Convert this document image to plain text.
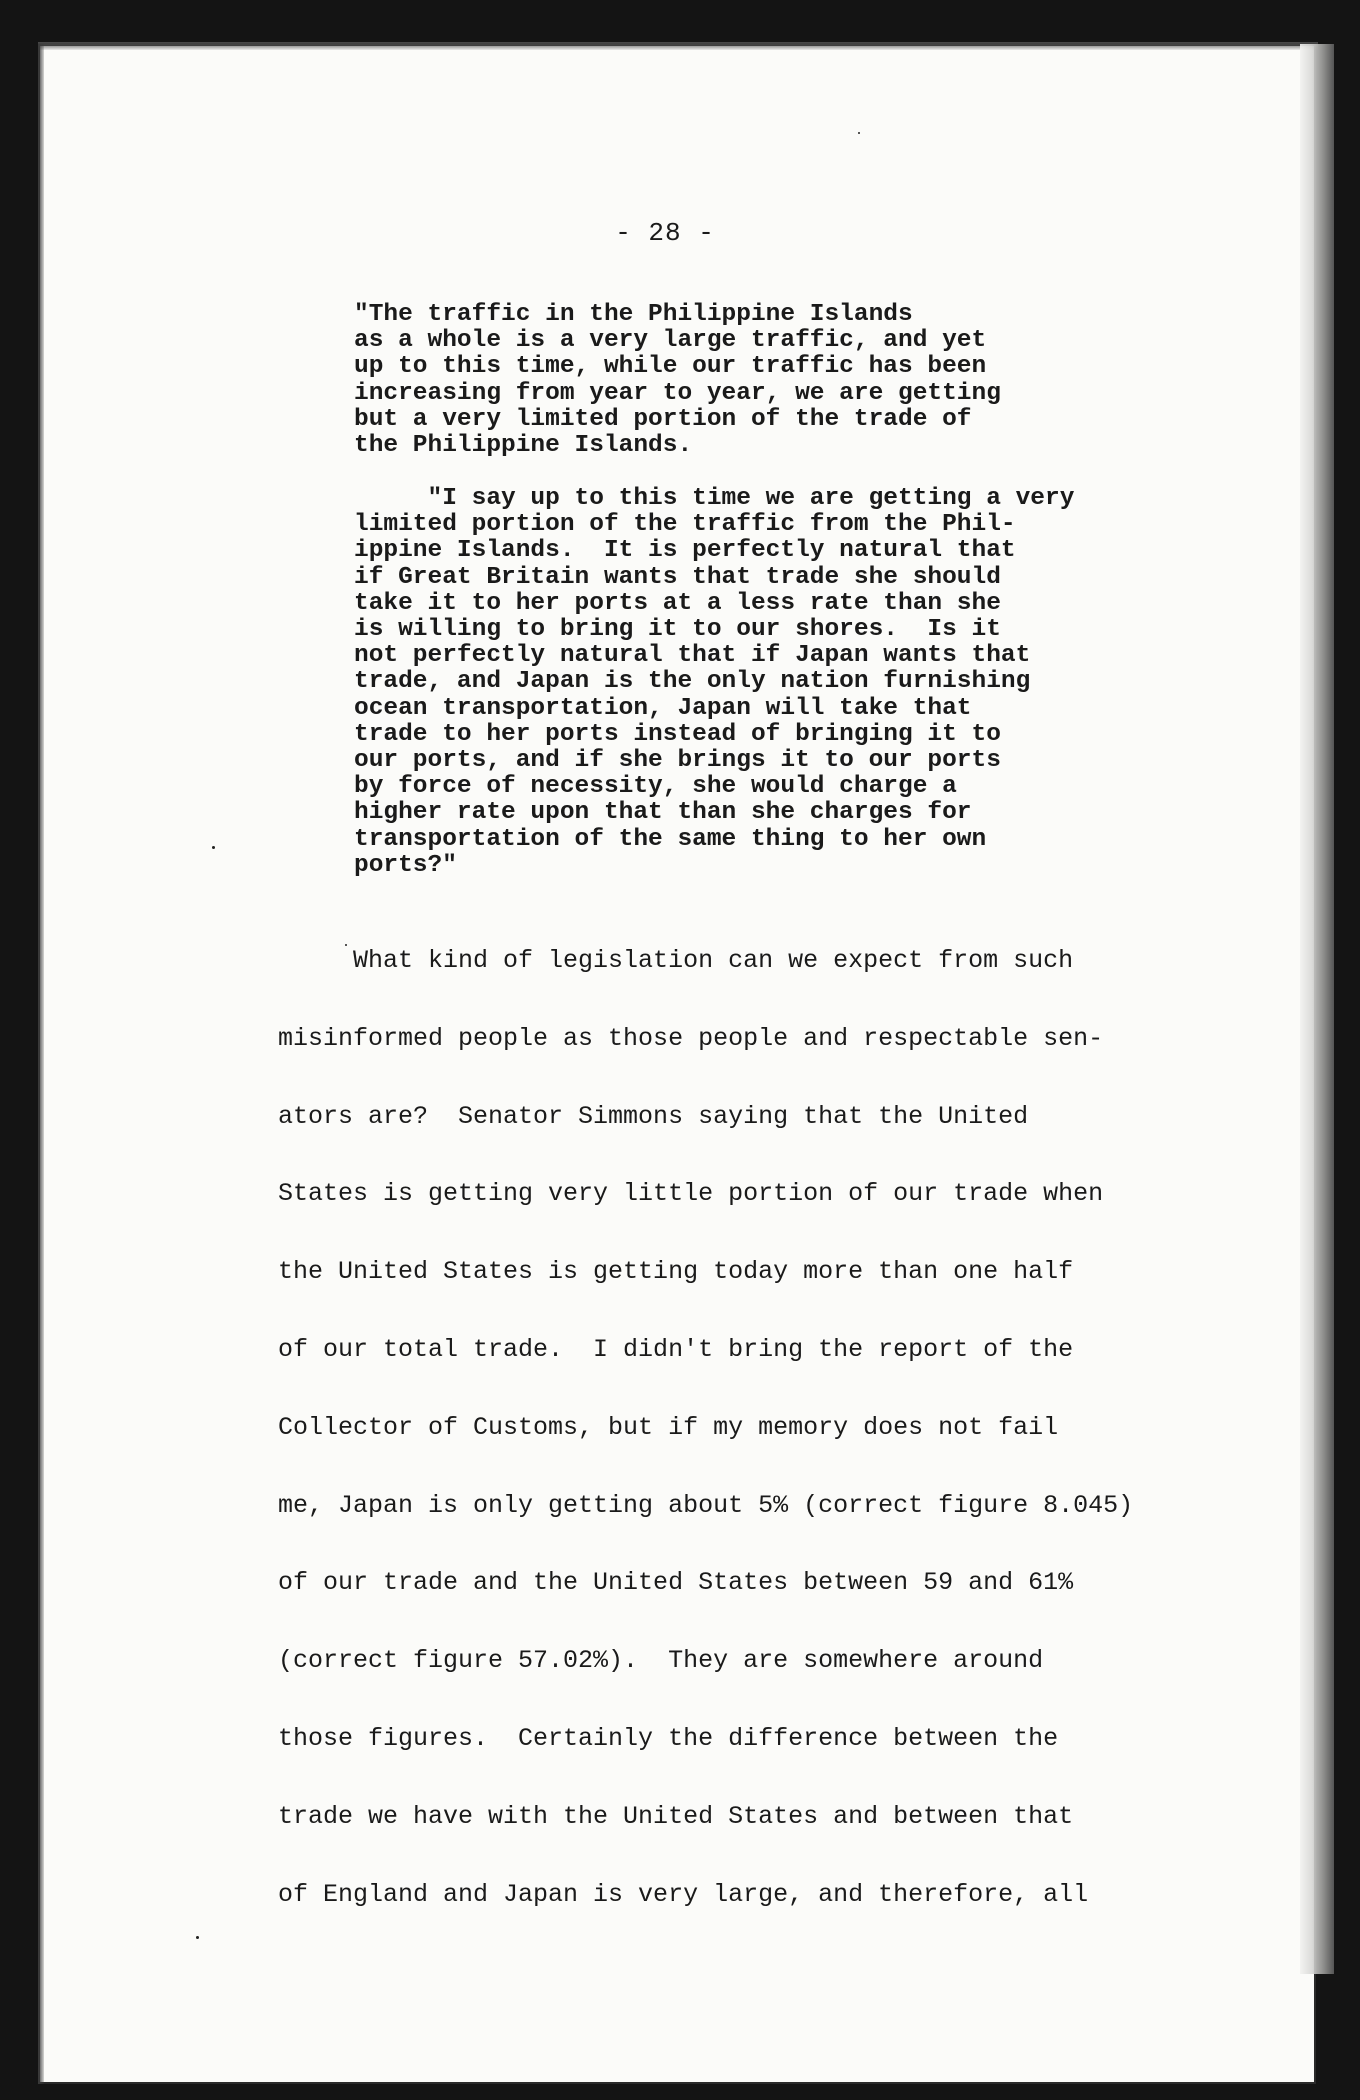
- 28 -
"The traffic in the Philippine Islands
as a whole is a very large traffic, and yet
up to this time, while our traffic has been
increasing from year to year, we are getting
but a very limited portion of the trade of
the Philippine Islands.
"I say up to this time we are getting a very
limited portion of the traffic from the Phil-
ippine Islands.  It is perfectly natural that
if Great Britain wants that trade she should
take it to her ports at a less rate than she
is willing to bring it to our shores.  Is it
not perfectly natural that if Japan wants that
trade, and Japan is the only nation furnishing
ocean transportation, Japan will take that
trade to her ports instead of bringing it to
our ports, and if she brings it to our ports
by force of necessity, she would charge a
higher rate upon that than she charges for
transportation of the same thing to her own
ports?"
What kind of legislation can we expect from such
misinformed people as those people and respectable sen-
ators are?  Senator Simmons saying that the United
States is getting very little portion of our trade when
the United States is getting today more than one half
of our total trade.  I didn't bring the report of the
Collector of Customs, but if my memory does not fail
me, Japan is only getting about 5% (correct figure 8.045)
of our trade and the United States between 59 and 61%
(correct figure 57.02%).  They are somewhere around
those figures.  Certainly the difference between the
trade we have with the United States and between that
of England and Japan is very large, and therefore, all
